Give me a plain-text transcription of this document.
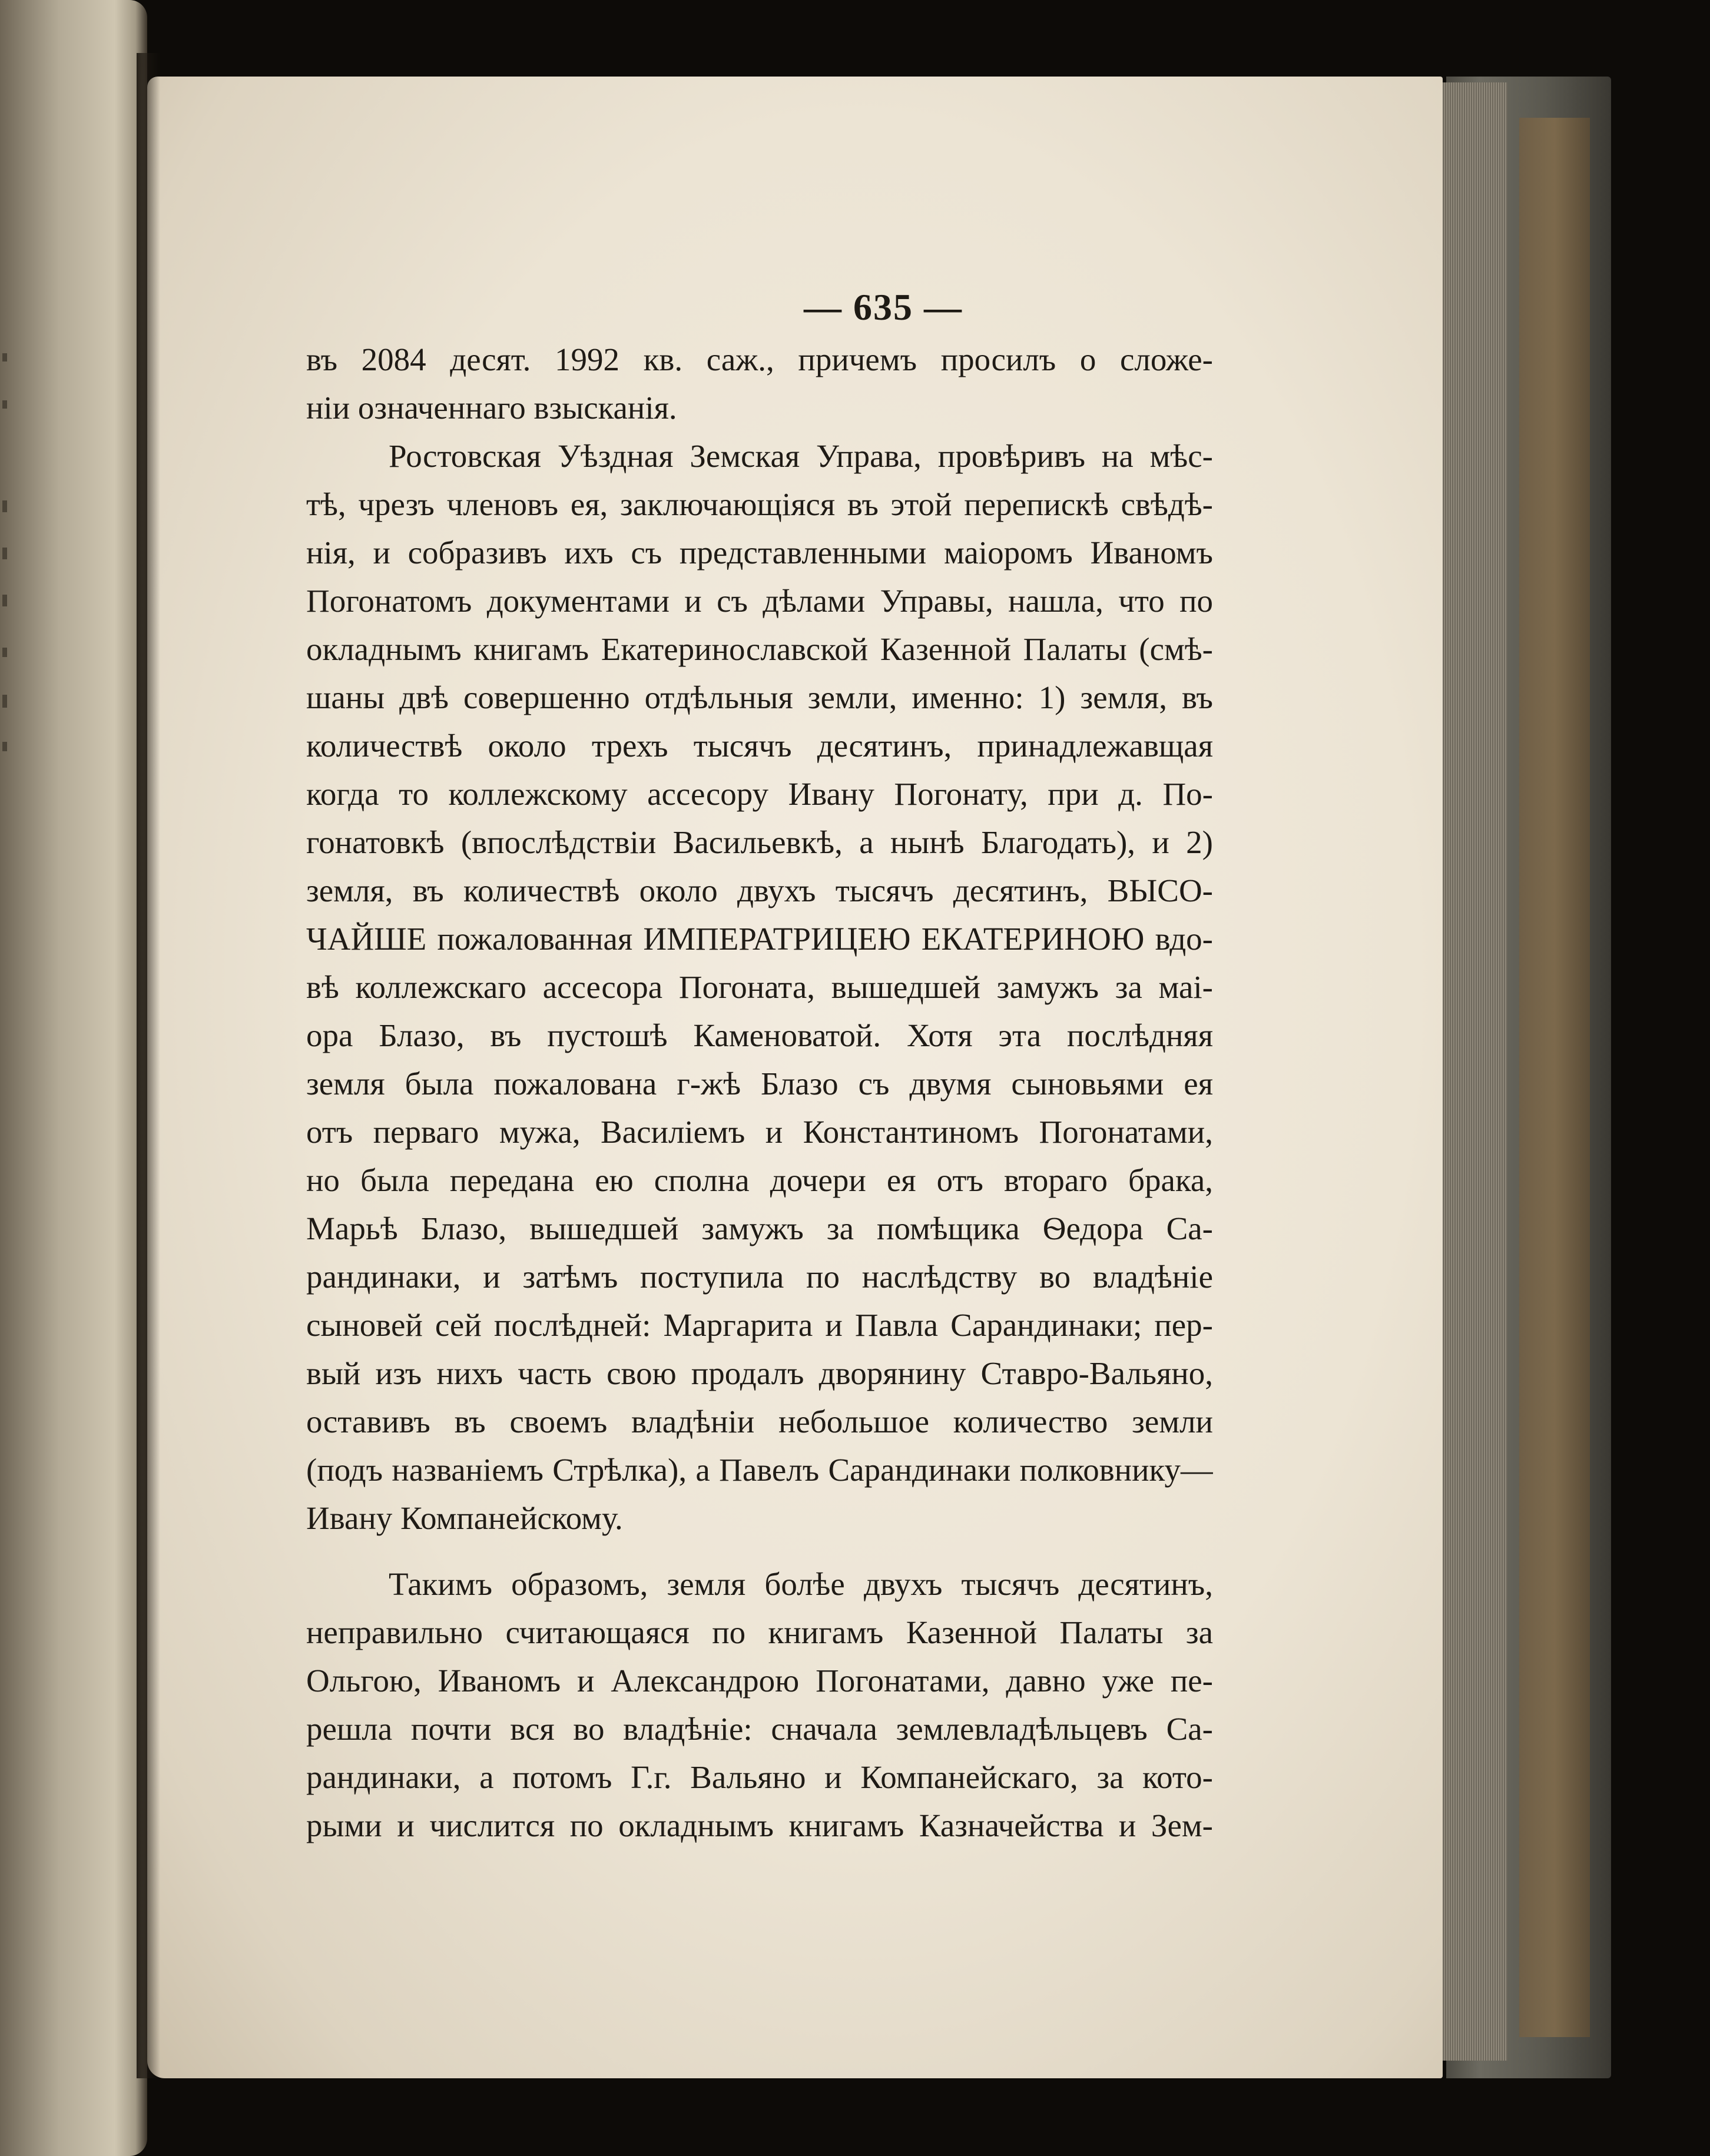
— 635 —
въ 2084 десят. 1992 кв. саж., причемъ просилъ о сложе-
ніи означеннаго взысканія.
Ростовская Уѣздная Земская Управа, провѣривъ на мѣс-
тѣ, чрезъ членовъ ея, заключающіяся въ этой перепискѣ свѣдѣ-
нія, и собразивъ ихъ съ представленными маіоромъ Иваномъ
Погонатомъ документами и съ дѣлами Управы, нашла, что по
окладнымъ книгамъ Екатеринославской Казенной Палаты (смѣ-
шаны двѣ совершенно отдѣльныя земли, именно: 1) земля, въ
количествѣ около трехъ тысячъ десятинъ, принадлежавщая
когда то коллежскому ассесору Ивану Погонату, при д. По-
гонатовкѣ (впослѣдствіи Васильевкѣ, а нынѣ Благодать), и 2)
земля, въ количествѣ около двухъ тысячъ десятинъ, ВЫСО-
ЧАЙШЕ пожалованная ИМПЕРАТРИЦЕЮ ЕКАТЕРИНОЮ вдо-
вѣ коллежскаго ассесора Погоната, вышедшей замужъ за маі-
ора Блазо, въ пустошѣ Каменоватой. Хотя эта послѣдняя
земля была пожалована г-жѣ Блазо съ двумя сыновьями ея
отъ перваго мужа, Василіемъ и Константиномъ Погонатами,
но была передана ею сполна дочери ея отъ втораго брака,
Марьѣ Блазо, вышедшей замужъ за помѣщика Ѳедора Са-
рандинаки, и затѣмъ поступила по наслѣдству во владѣніе
сыновей сей послѣдней: Маргарита и Павла Сарандинаки; пер-
вый изъ нихъ часть свою продалъ дворянину Ставро-Вальяно,
оставивъ въ своемъ владѣніи небольшое количество земли
(подъ названіемъ Стрѣлка), а Павелъ Сарандинаки полковнику—
Ивану Компанейскому.
Такимъ образомъ, земля болѣе двухъ тысячъ десятинъ,
неправильно считающаяся по книгамъ Казенной Палаты за
Ольгою, Иваномъ и Александрою Погонатами, давно уже пе-
решла почти вся во владѣніе: сначала землевладѣльцевъ Са-
рандинаки, а потомъ Г.г. Вальяно и Компанейскаго, за кото-
рыми и числится по окладнымъ книгамъ Казначейства и Зем-
